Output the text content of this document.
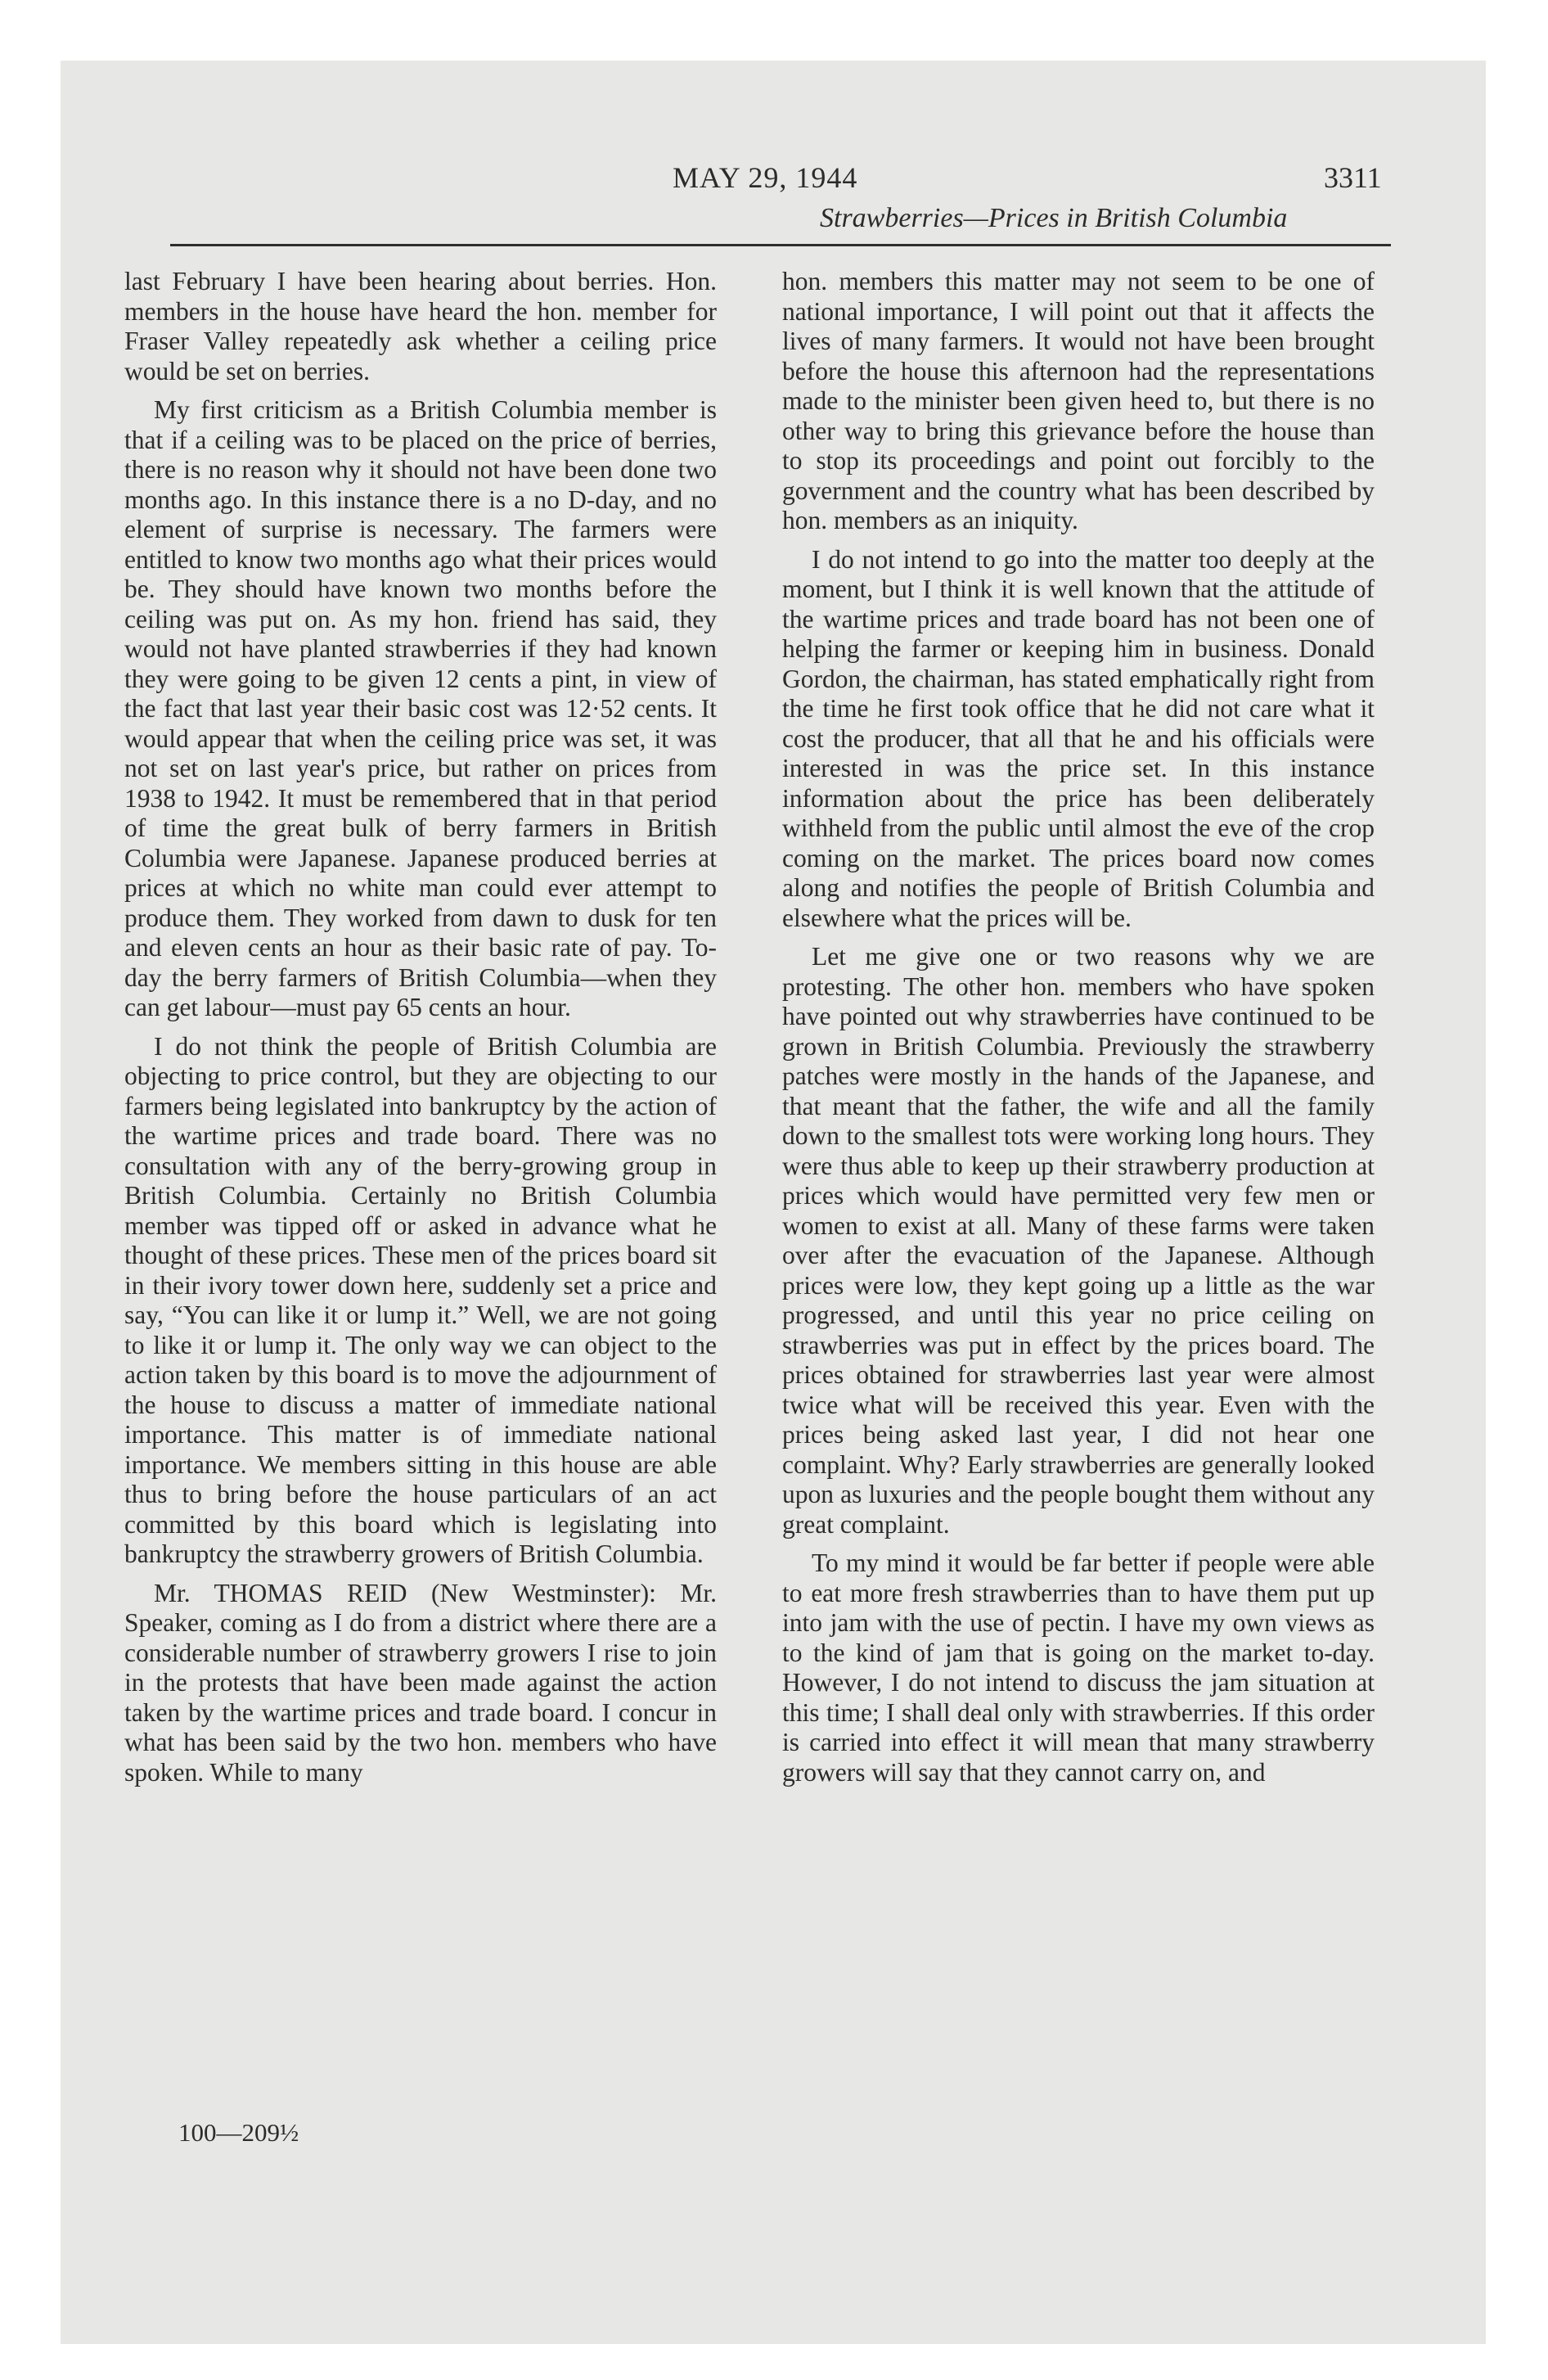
MAY 29, 1944	3311
Strawberries—Prices in British Columbia

last February I have been hearing about berries. Hon. members in the house have heard the hon. member for Fraser Valley repeatedly ask whether a ceiling price would be set on berries.

My first criticism as a British Columbia member is that if a ceiling was to be placed on the price of berries, there is no reason why it should not have been done two months ago. In this instance there is a no D-day, and no element of surprise is necessary. The farmers were entitled to know two months ago what their prices would be. They should have known two months before the ceiling was put on. As my hon. friend has said, they would not have planted strawberries if they had known they were going to be given 12 cents a pint, in view of the fact that last year their basic cost was 12·52 cents. It would appear that when the ceiling price was set, it was not set on last year's price, but rather on prices from 1938 to 1942. It must be remembered that in that period of time the great bulk of berry farmers in British Columbia were Japanese. Japanese produced berries at prices at which no white man could ever attempt to produce them. They worked from dawn to dusk for ten and eleven cents an hour as their basic rate of pay. To-day the berry farmers of British Columbia—when they can get labour—must pay 65 cents an hour.

I do not think the people of British Columbia are objecting to price control, but they are objecting to our farmers being legislated into bankruptcy by the action of the wartime prices and trade board. There was no consultation with any of the berry-growing group in British Columbia. Certainly no British Columbia member was tipped off or asked in advance what he thought of these prices. These men of the prices board sit in their ivory tower down here, suddenly set a price and say, “You can like it or lump it.” Well, we are not going to like it or lump it. The only way we can object to the action taken by this board is to move the adjournment of the house to discuss a matter of immediate national importance. This matter is of immediate national importance. We members sitting in this house are able thus to bring before the house particulars of an act committed by this board which is legislating into bankruptcy the strawberry growers of British Columbia.

Mr. THOMAS REID (New Westminster): Mr. Speaker, coming as I do from a district where there are a considerable number of strawberry growers I rise to join in the protests that have been made against the action taken by the wartime prices and trade board. I concur in what has been said by the two hon. members who have spoken. While to many

hon. members this matter may not seem to be one of national importance, I will point out that it affects the lives of many farmers. It would not have been brought before the house this afternoon had the representations made to the minister been given heed to, but there is no other way to bring this grievance before the house than to stop its proceedings and point out forcibly to the government and the country what has been described by hon. members as an iniquity.

I do not intend to go into the matter too deeply at the moment, but I think it is well known that the attitude of the wartime prices and trade board has not been one of helping the farmer or keeping him in business. Donald Gordon, the chairman, has stated emphatically right from the time he first took office that he did not care what it cost the producer, that all that he and his officials were interested in was the price set. In this instance information about the price has been deliberately withheld from the public until almost the eve of the crop coming on the market. The prices board now comes along and notifies the people of British Columbia and elsewhere what the prices will be.

Let me give one or two reasons why we are protesting. The other hon. members who have spoken have pointed out why strawberries have continued to be grown in British Columbia. Previously the strawberry patches were mostly in the hands of the Japanese, and that meant that the father, the wife and all the family down to the smallest tots were working long hours. They were thus able to keep up their strawberry production at prices which would have permitted very few men or women to exist at all. Many of these farms were taken over after the evacuation of the Japanese. Although prices were low, they kept going up a little as the war progressed, and until this year no price ceiling on strawberries was put in effect by the prices board. The prices obtained for strawberries last year were almost twice what will be received this year. Even with the prices being asked last year, I did not hear one complaint. Why? Early strawberries are generally looked upon as luxuries and the people bought them without any great complaint.

To my mind it would be far better if people were able to eat more fresh strawberries than to have them put up into jam with the use of pectin. I have my own views as to the kind of jam that is going on the market to-day. However, I do not intend to discuss the jam situation at this time; I shall deal only with strawberries. If this order is carried into effect it will mean that many strawberry growers will say that they cannot carry on, and

100—209½
